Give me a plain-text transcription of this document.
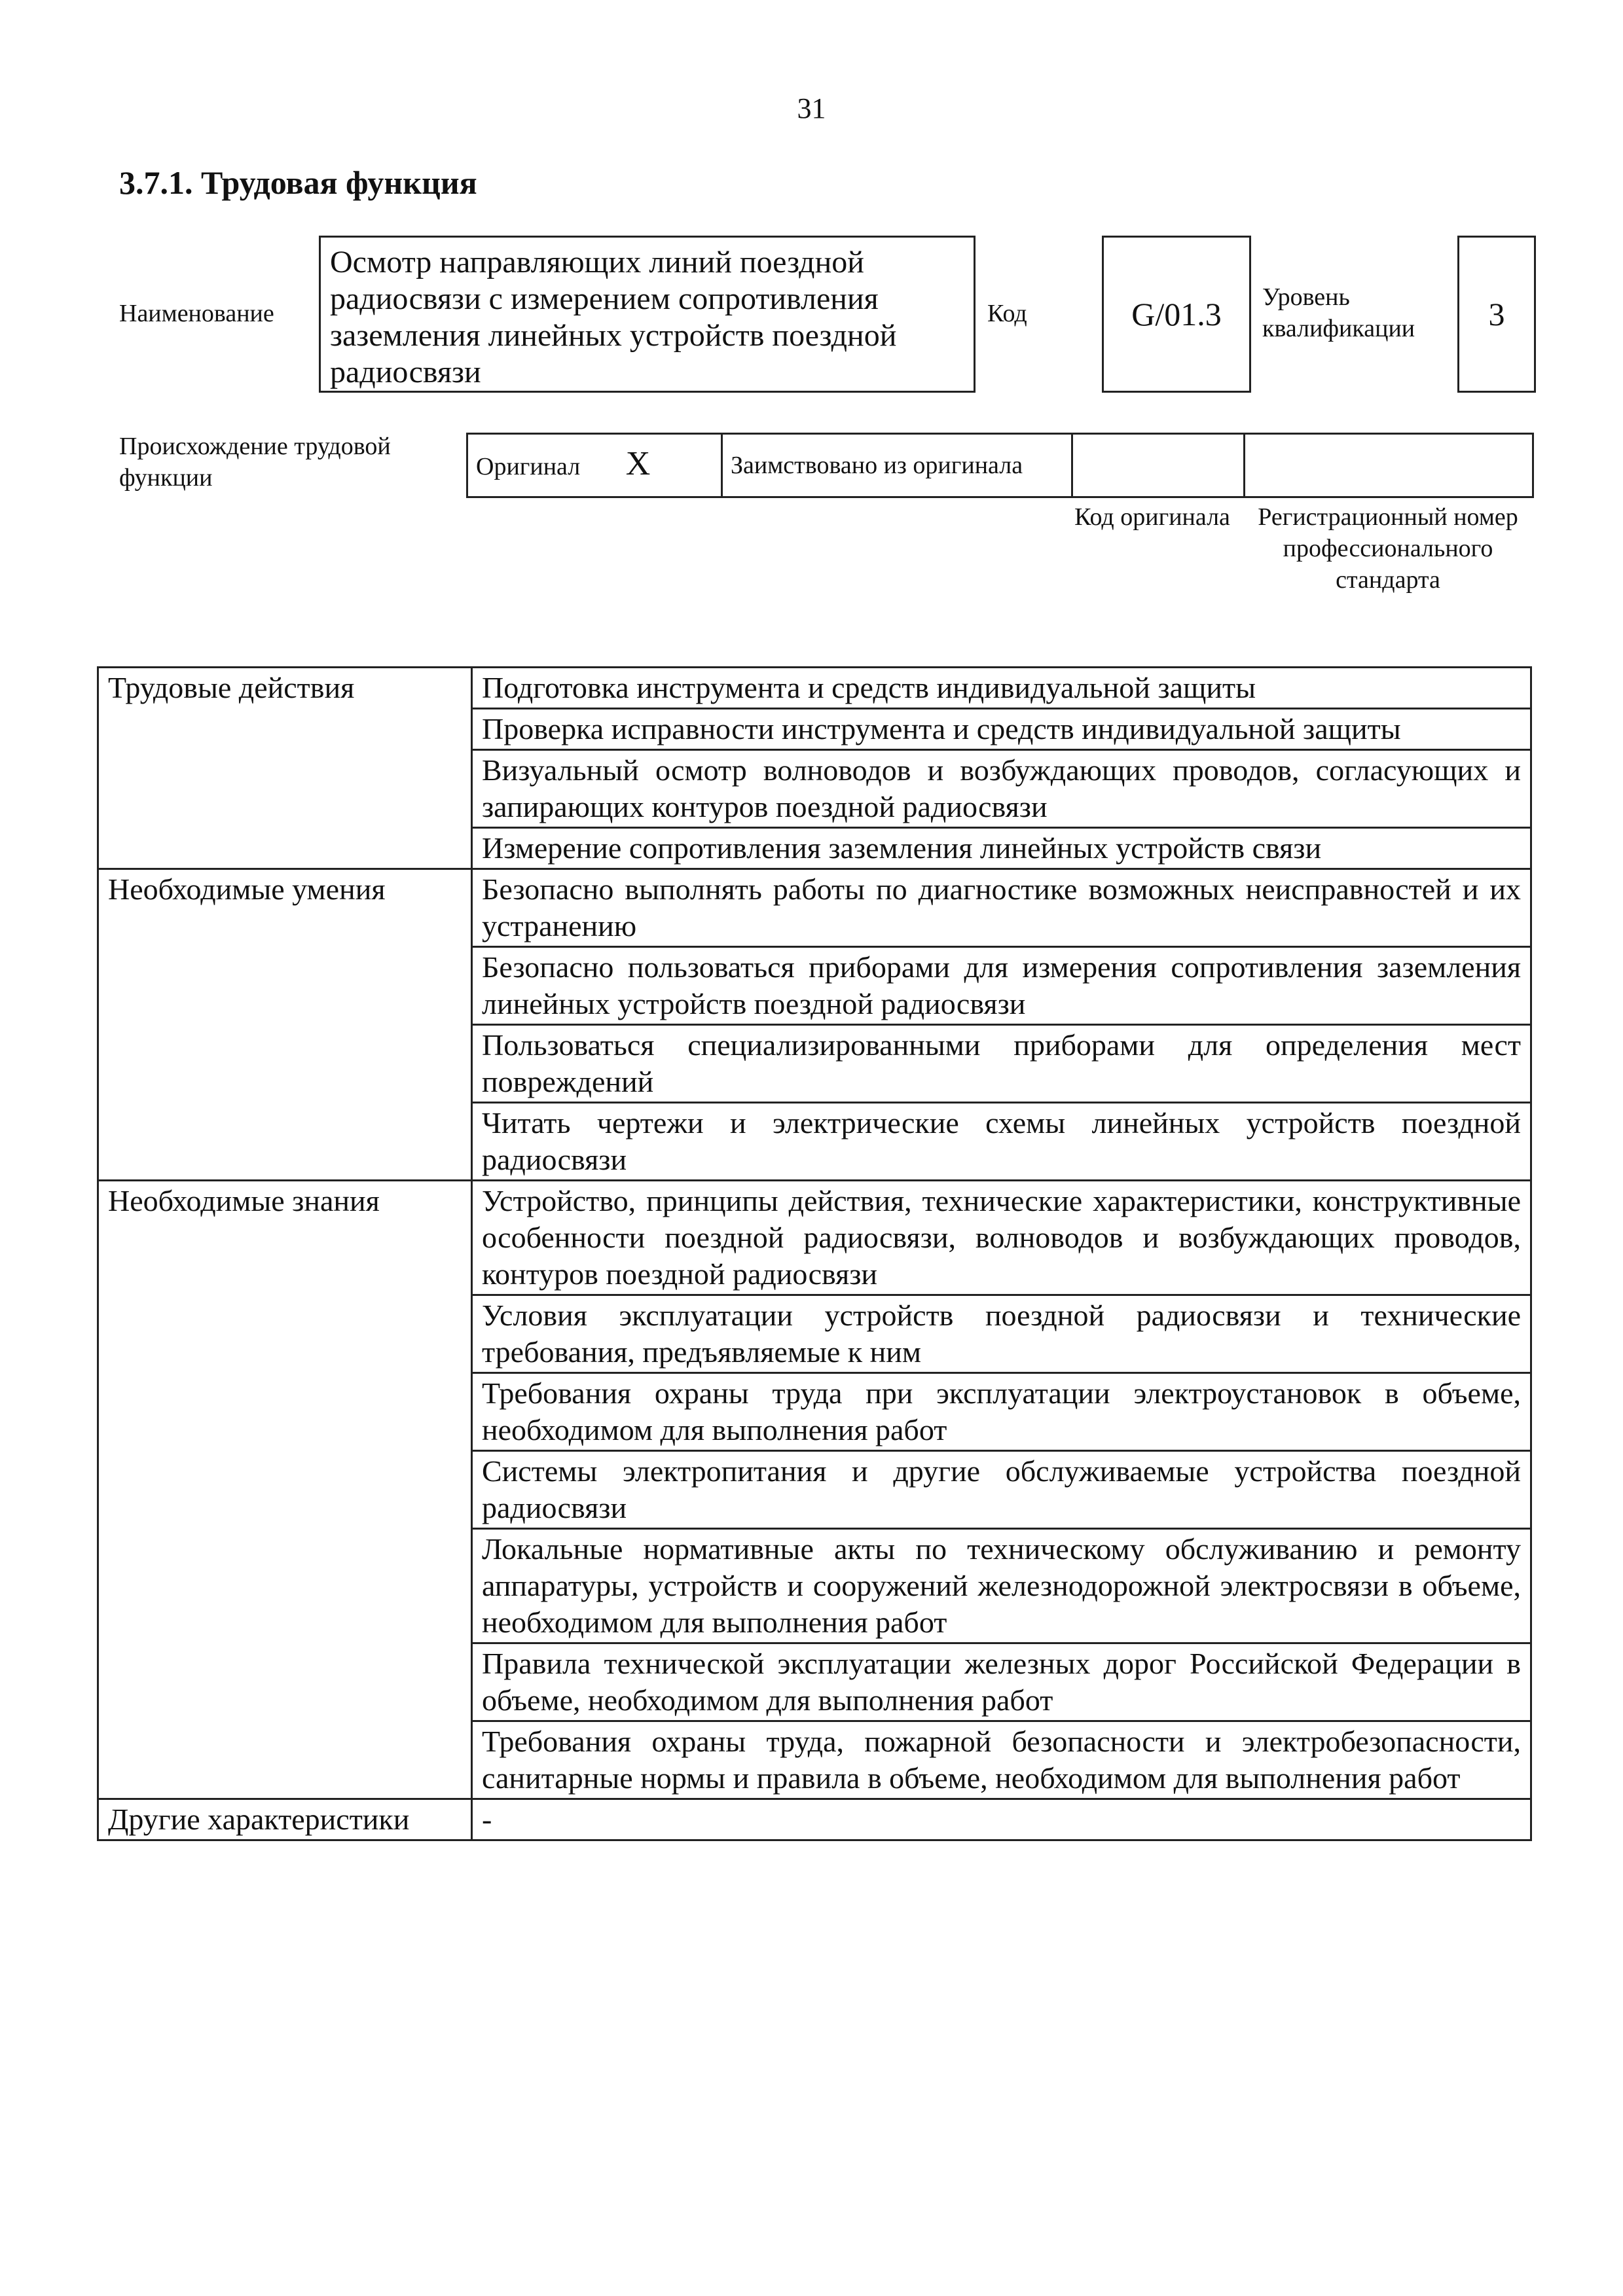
31
3.7.1. Трудовая функция
Наименование
Осмотр направляющих линий поездной радиосвязи с измерением сопротивления заземления линейных устройств поездной радиосвязи
Код	G/01.3	Уровень квалификации	3
Происхождение трудовой функции	Оригинал X	Заимствовано из оригинала		
Код оригинала	Регистрационный номер профессионального стандарта
Трудовые действия	Подготовка инструмента и средств индивидуальной защиты
	Проверка исправности инструмента и средств индивидуальной защиты
	Визуальный осмотр волноводов и возбуждающих проводов, согласующих и запирающих контуров поездной радиосвязи
	Измерение сопротивления заземления линейных устройств связи
Необходимые умения	Безопасно выполнять работы по диагностике возможных неисправностей и их устранению
	Безопасно пользоваться приборами для измерения сопротивления заземления линейных устройств поездной радиосвязи
	Пользоваться специализированными приборами для определения мест повреждений
	Читать чертежи и электрические схемы линейных устройств поездной радиосвязи
Необходимые знания	Устройство, принципы действия, технические характеристики, конструктивные особенности поездной радиосвязи, волноводов и возбуждающих проводов, контуров поездной радиосвязи
	Условия эксплуатации устройств поездной радиосвязи и технические требования, предъявляемые к ним
	Требования охраны труда при эксплуатации электроустановок в объеме, необходимом для выполнения работ
	Системы электропитания и другие обслуживаемые устройства поездной радиосвязи
	Локальные нормативные акты по техническому обслуживанию и ремонту аппаратуры, устройств и сооружений железнодорожной электросвязи в объеме, необходимом для выполнения работ
	Правила технической эксплуатации железных дорог Российской Федерации в объеме, необходимом для выполнения работ
	Требования охраны труда, пожарной безопасности и электробезопасности, санитарные нормы и правила в объеме, необходимом для выполнения работ
Другие характеристики	-
